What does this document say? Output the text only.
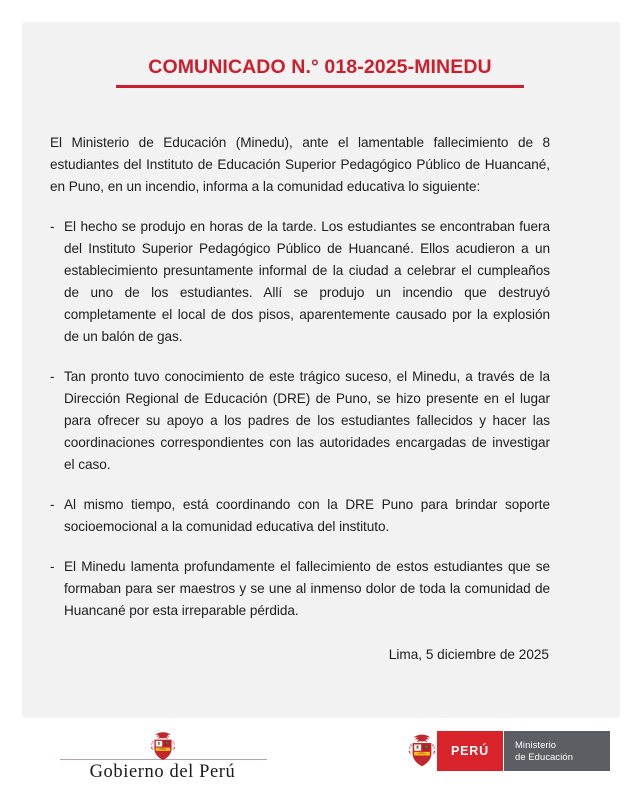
COMUNICADO N.° 018-2025-MINEDU

El Ministerio de Educación (Minedu), ante el lamentable fallecimiento de 8 estudiantes del Instituto de Educación Superior Pedagógico Público de Huancané, en Puno, en un incendio, informa a la comunidad educativa lo siguiente:

- El hecho se produjo en horas de la tarde. Los estudiantes se encontraban fuera del Instituto Superior Pedagógico Público de Huancané. Ellos acudieron a un establecimiento presuntamente informal de la ciudad a celebrar el cumpleaños de uno de los estudiantes. Allí se produjo un incendio que destruyó completamente el local de dos pisos, aparentemente causado por la explosión de un balón de gas.

- Tan pronto tuvo conocimiento de este trágico suceso, el Minedu, a través de la Dirección Regional de Educación (DRE) de Puno, se hizo presente en el lugar para ofrecer su apoyo a los padres de los estudiantes fallecidos y hacer las coordinaciones correspondientes con las autoridades encargadas de investigar el caso.

- Al mismo tiempo, está coordinando con la DRE Puno para brindar soporte socioemocional a la comunidad educativa del instituto.

- El Minedu lamenta profundamente el fallecimiento de estos estudiantes que se formaban para ser maestros y se une al inmenso dolor de toda la comunidad de Huancané por esta irreparable pérdida.

Lima, 5 diciembre de 2025

Gobierno del Perú
PERÚ	Ministerio
de Educación
